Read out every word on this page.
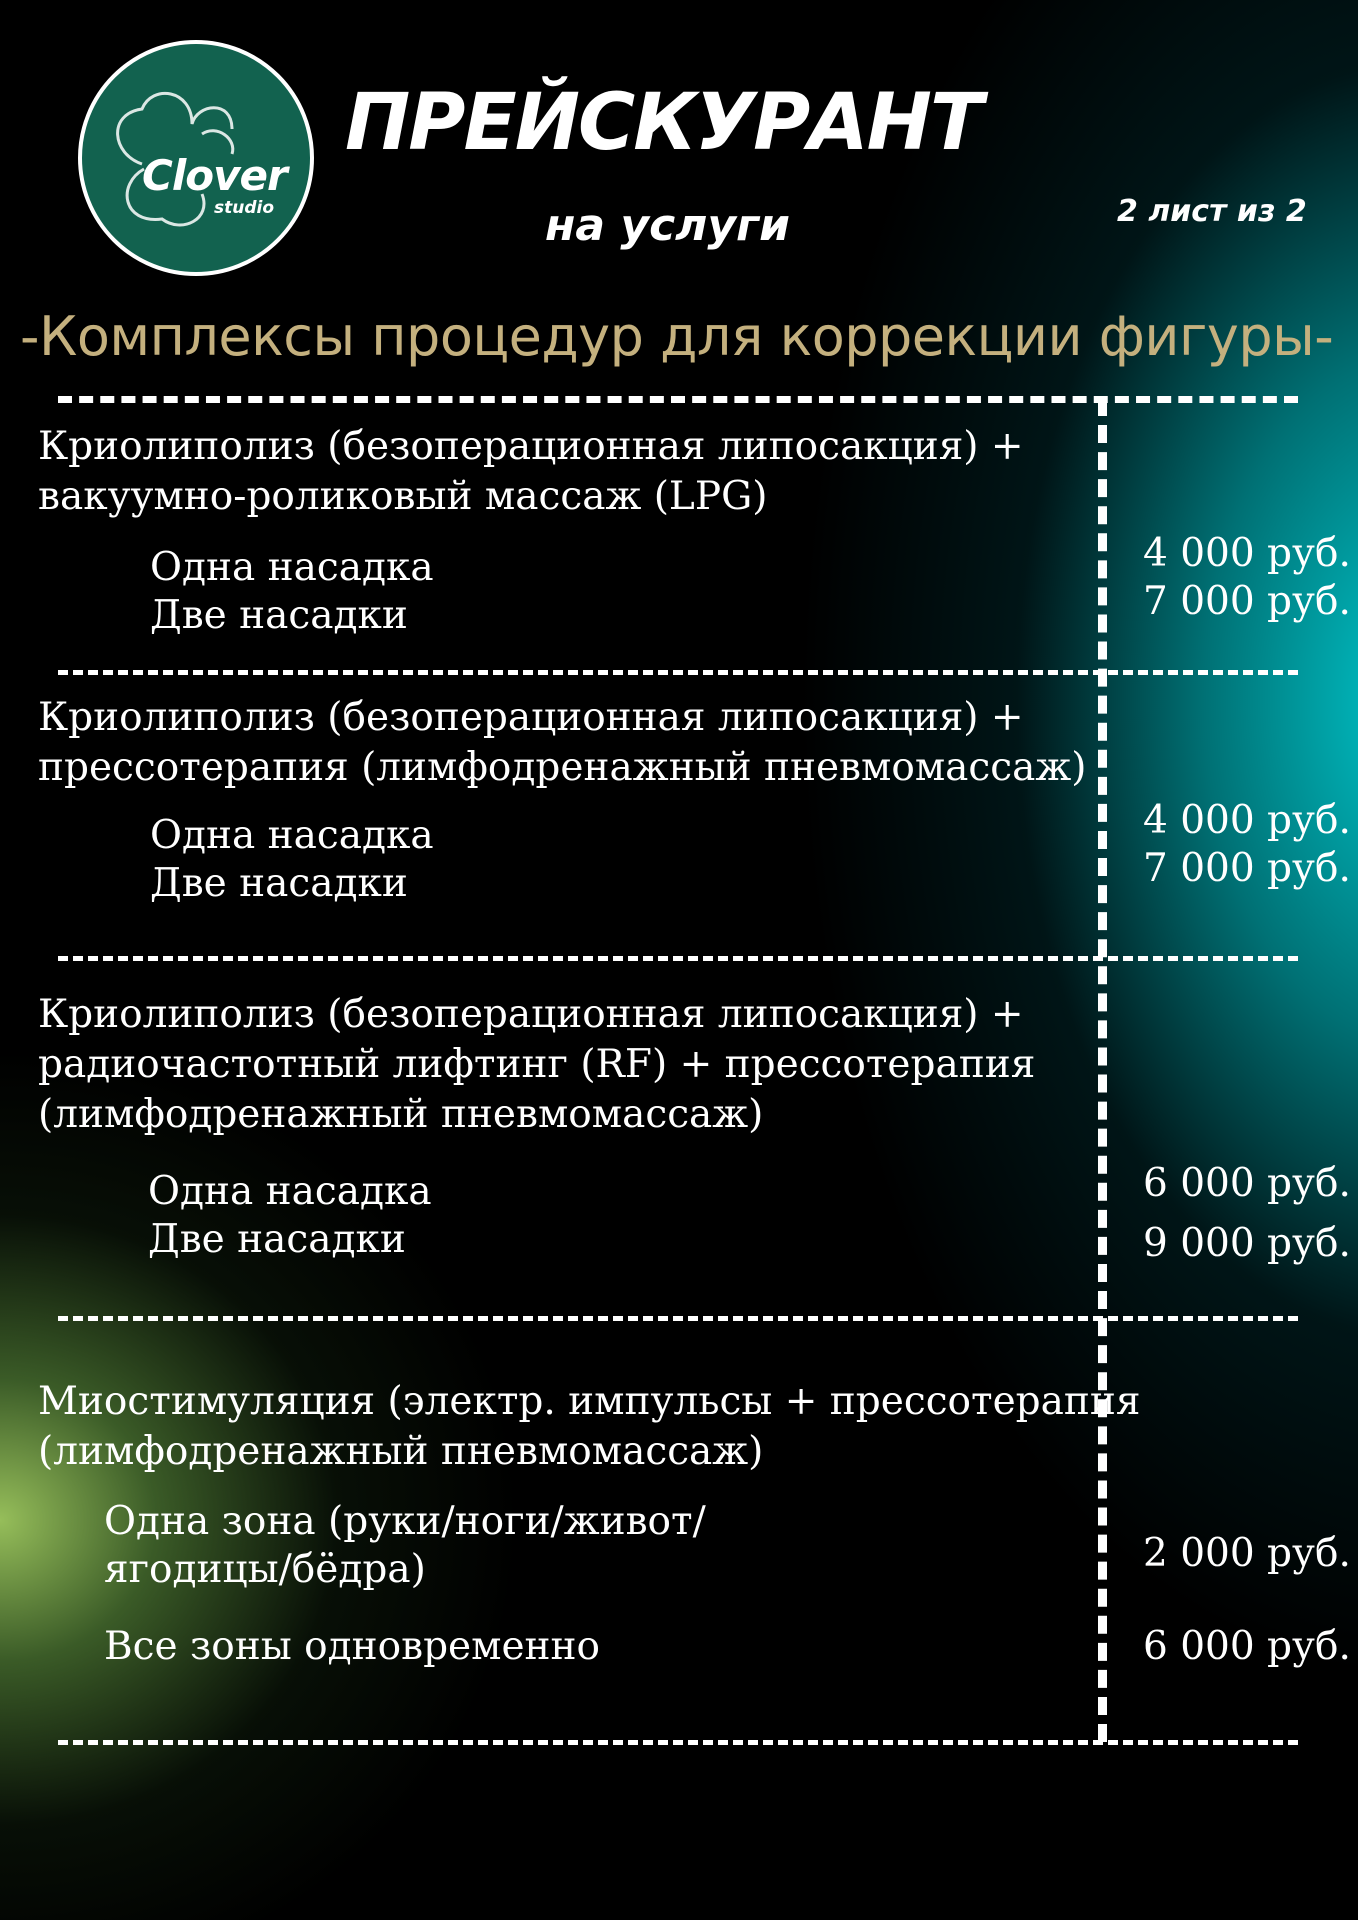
Clover
studio
ПРЕЙСКУРАНТ
на услуги	2 лист из 2
-Комплексы процедур для коррекции фигуры-
Криолиполиз (безоперационная липосакция) +
вакуумно-роликовый массаж (LPG)
Одна насадка
Две насадки
4 000 руб.
7 000 руб.
Криолиполиз (безоперационная липосакция) +
прессотерапия (лимфодренажный пневмомассаж)
Одна насадка
Две насадки
4 000 руб.
7 000 руб.
Криолиполиз (безоперационная липосакция) +
радиочастотный лифтинг (RF) + прессотерапия
(лимфодренажный пневмомассаж)
Одна насадка
Две насадки
6 000 руб.
9 000 руб.
Миостимуляция (электр. импульсы + прессотерапия
(лимфодренажный пневмомассаж)
Одна зона (руки/ноги/живот/
ягодицы/бёдра)
Все зоны одновременно
2 000 руб.
6 000 руб.
